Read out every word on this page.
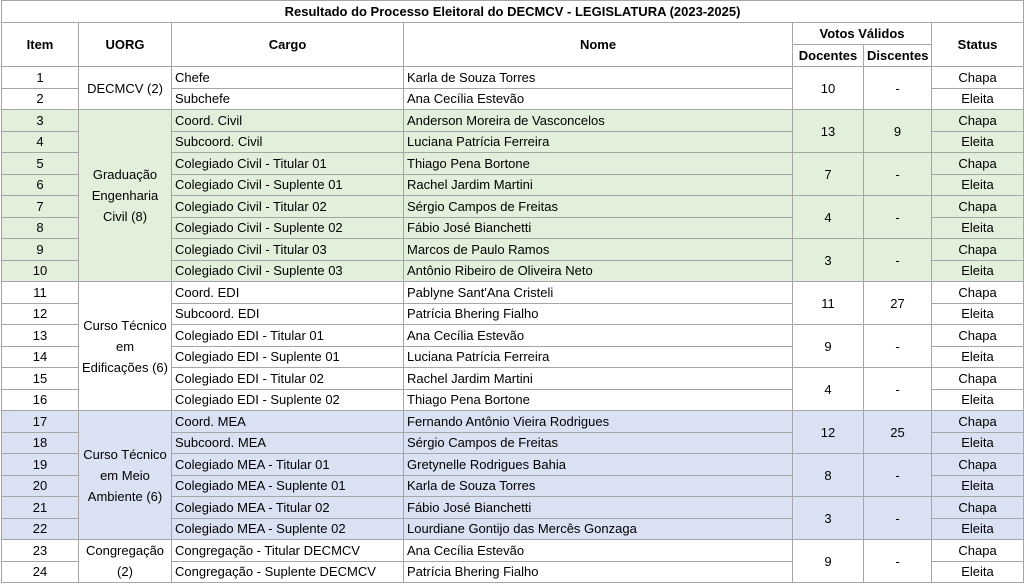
Resultado do Processo Eleitoral do DECMCV - LEGISLATURA (2023-2025)						
Item	UORG	Cargo	Nome	Votos Válidos		Status
				Docentes	Discentes	
1	DECMCV (2)	Chefe	Karla de Souza Torres	10	-	Chapa
2		Subchefe	Ana Cecília Estevão			Eleita
3	Graduação Engenharia Civil (8)	Coord. Civil	Anderson Moreira de Vasconcelos	13	9	Chapa
4		Subcoord. Civil	Luciana Patrícia Ferreira			Eleita
5		Colegiado Civil - Titular 01	Thiago Pena Bortone	7	-	Chapa
6		Colegiado Civil - Suplente 01	Rachel Jardim Martini			Eleita
7		Colegiado Civil - Titular 02	Sérgio Campos de Freitas	4	-	Chapa
8		Colegiado Civil - Suplente 02	Fábio José Bianchetti			Eleita
9		Colegiado Civil - Titular 03	Marcos de Paulo Ramos	3	-	Chapa
10		Colegiado Civil - Suplente 03	Antônio Ribeiro de Oliveira Neto			Eleita
11	Curso Técnico em Edificações (6)	Coord. EDI	Pablyne Sant'Ana Cristeli	11	27	Chapa
12		Subcoord. EDI	Patrícia Bhering Fialho			Eleita
13		Colegiado EDI - Titular 01	Ana Cecília Estevão	9	-	Chapa
14		Colegiado EDI - Suplente 01	Luciana Patrícia Ferreira			Eleita
15		Colegiado EDI - Titular 02	Rachel Jardim Martini	4	-	Chapa
16		Colegiado EDI - Suplente 02	Thiago Pena Bortone			Eleita
17	Curso Técnico em Meio Ambiente (6)	Coord. MEA	Fernando Antônio Vieira Rodrigues	12	25	Chapa
18		Subcoord. MEA	Sérgio Campos de Freitas			Eleita
19		Colegiado MEA - Titular 01	Gretynelle Rodrigues Bahia	8	-	Chapa
20		Colegiado MEA - Suplente 01	Karla de Souza Torres			Eleita
21		Colegiado MEA - Titular 02	Fábio José Bianchetti	3	-	Chapa
22		Colegiado MEA - Suplente 02	Lourdiane Gontijo das Mercês Gonzaga			Eleita
23	Congregação (2)	Congregação - Titular DECMCV	Ana Cecília Estevão	9	-	Chapa
24		Congregação - Suplente DECMCV	Patrícia Bhering Fialho			Eleita
